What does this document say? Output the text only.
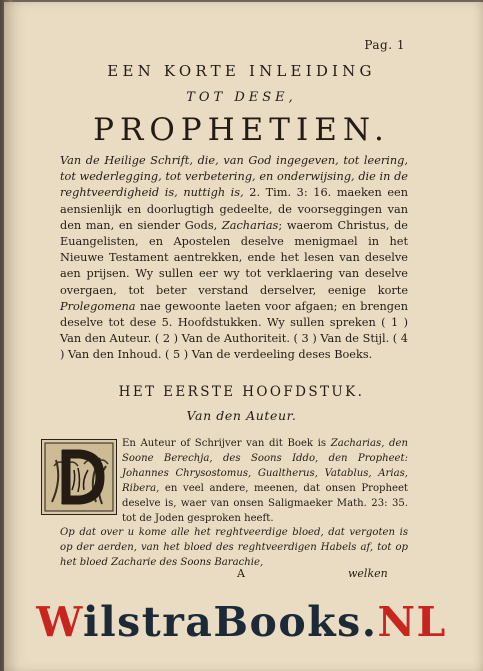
Pag. 1
EEN KORTE INLEIDING
TOT DESE,
PROPHETIEN.

Van de Heilige Schrift, die, van God ingegeven, tot leering, tot wederlegging, tot verbetering, en onderwijsing, die in de reghtveerdigheid is, nuttigh is, 2. Tim. 3: 16. maeken een aensienlijk en doorlugtigh gedeelte, de voorseggingen van den man, en siender Gods, Zacharias; waerom Christus, de Euangelisten, en Apostelen deselve menigmael in het Nieuwe Testament aentrekken, ende het lesen van deselve aen prijsen. Wy sullen eer wy tot verklaering van deselve overgaen, tot beter verstand derselver, eenige korte Prolegomena nae gewoonte laeten voor afgaen; en brengen deselve tot dese 5. Hoofdstukken. Wy sullen spreken ( 1 ) Van den Auteur. ( 2 ) Van de Authoriteit. ( 3 ) Van de Stijl. ( 4 ) Van den Inhoud. ( 5 ) Van de verdeeling deses Boeks.

HET EERSTE HOOFDSTUK.
Van den Auteur.
En Auteur of Schrijver van dit Boek is Zacharias, den Soone Berechja, des Soons Iddo, den Propheet: Johannes Chrysostomus, Gualtherus, Vatablus, Arias, Ribera, en veel andere, meenen, dat onsen Propheet deselve is, waer van onsen Saligmaeker Math. 23: 35. tot de Joden gesproken heeft.
Op dat over u kome alle het reghtveerdige bloed, dat vergoten is op der aerden, van het bloed des reghtveerdigen Habels af, tot op het bloed Zacharie des Soons Barachie,
A	welken
WilstraBooks.NL
